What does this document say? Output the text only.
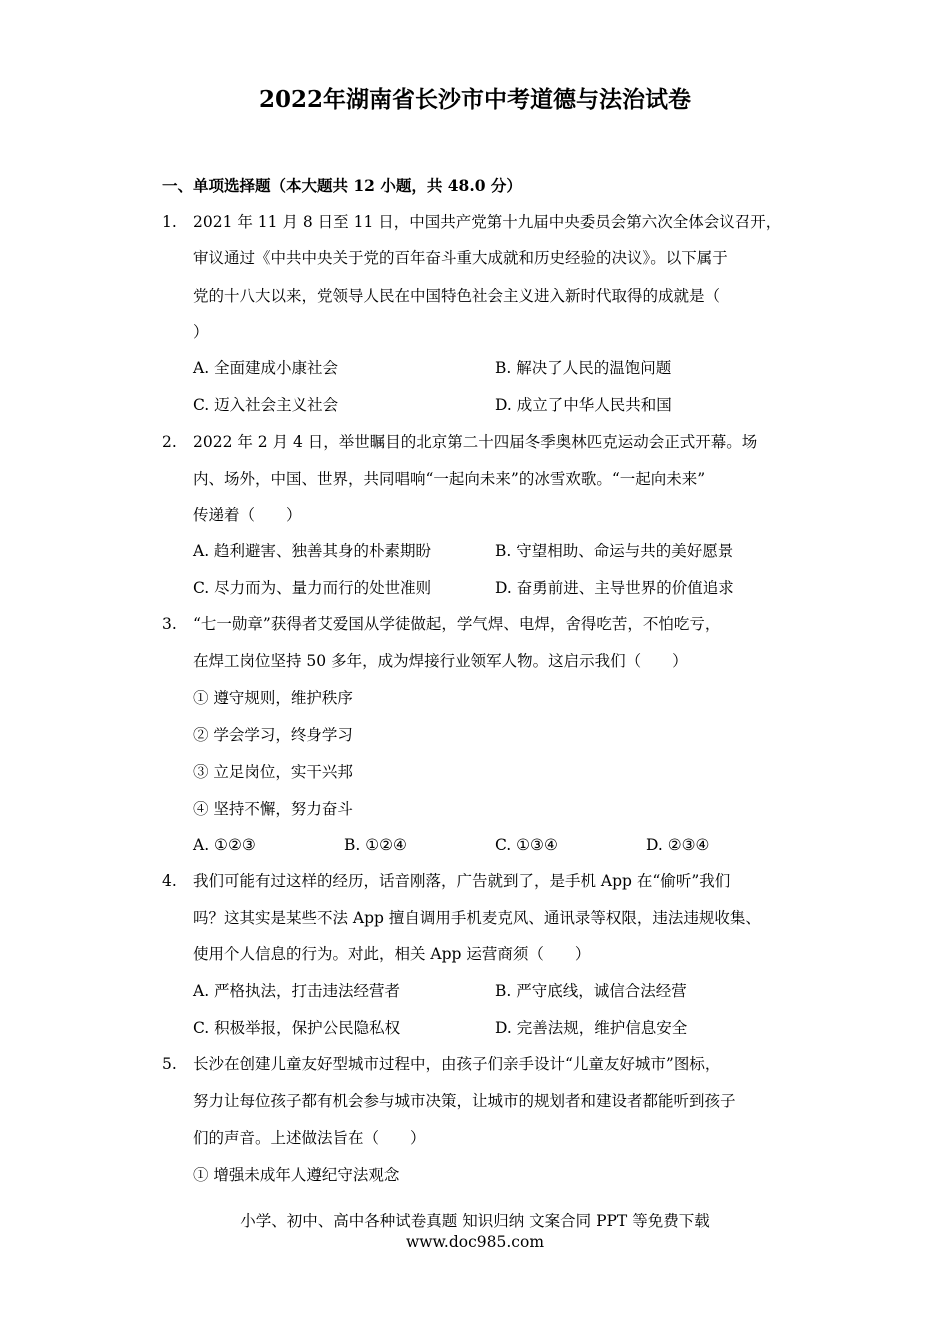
2022年湖南省长沙市中考道德与法治试卷
一、单项选择题（本大题共 12 小题，共 48.0 分）
1. 2021 年 11 月 8 日至 11 日，中国共产党第十九届中央委员会第六次全体会议召开，
审议通过《中共中央关于党的百年奋斗重大成就和历史经验的决议》。以下属于
党的十八大以来，党领导人民在中国特色社会主义进入新时代取得的成就是（
）
A. 全面建成小康社会	B. 解决了人民的温饱问题
C. 迈入社会主义社会	D. 成立了中华人民共和国
2. 2022 年 2 月 4 日，举世瞩目的北京第二十四届冬季奥林匹克运动会正式开幕。场
内、场外，中国、世界，共同唱响“一起向未来”的冰雪欢歌。“一起向未来”
传递着（　　）
A. 趋利避害、独善其身的朴素期盼	B. 守望相助、命运与共的美好愿景
C. 尽力而为、量力而行的处世准则	D. 奋勇前进、主导世界的价值追求
3. “七一勋章”获得者艾爱国从学徒做起，学气焊、电焊，舍得吃苦，不怕吃亏，
在焊工岗位坚持 50 多年，成为焊接行业领军人物。这启示我们（　　）
① 遵守规则，维护秩序
② 学会学习，终身学习
③ 立足岗位，实干兴邦
④ 坚持不懈，努力奋斗
A. ①②③	B. ①②④	C. ①③④	D. ②③④
4. 我们可能有过这样的经历，话音刚落，广告就到了，是手机 App 在“偷听”我们
吗？这其实是某些不法 App 擅自调用手机麦克风、通讯录等权限，违法违规收集、
使用个人信息的行为。对此，相关 App 运营商须（　　）
A. 严格执法，打击违法经营者	B. 严守底线，诚信合法经营
C. 积极举报，保护公民隐私权	D. 完善法规，维护信息安全
5. 长沙在创建儿童友好型城市过程中，由孩子们亲手设计“儿童友好城市”图标，
努力让每位孩子都有机会参与城市决策，让城市的规划者和建设者都能听到孩子
们的声音。上述做法旨在（　　）
① 增强未成年人遵纪守法观念
小学、初中、高中各种试卷真题 知识归纳 文案合同 PPT 等免费下载
www.doc985.com
